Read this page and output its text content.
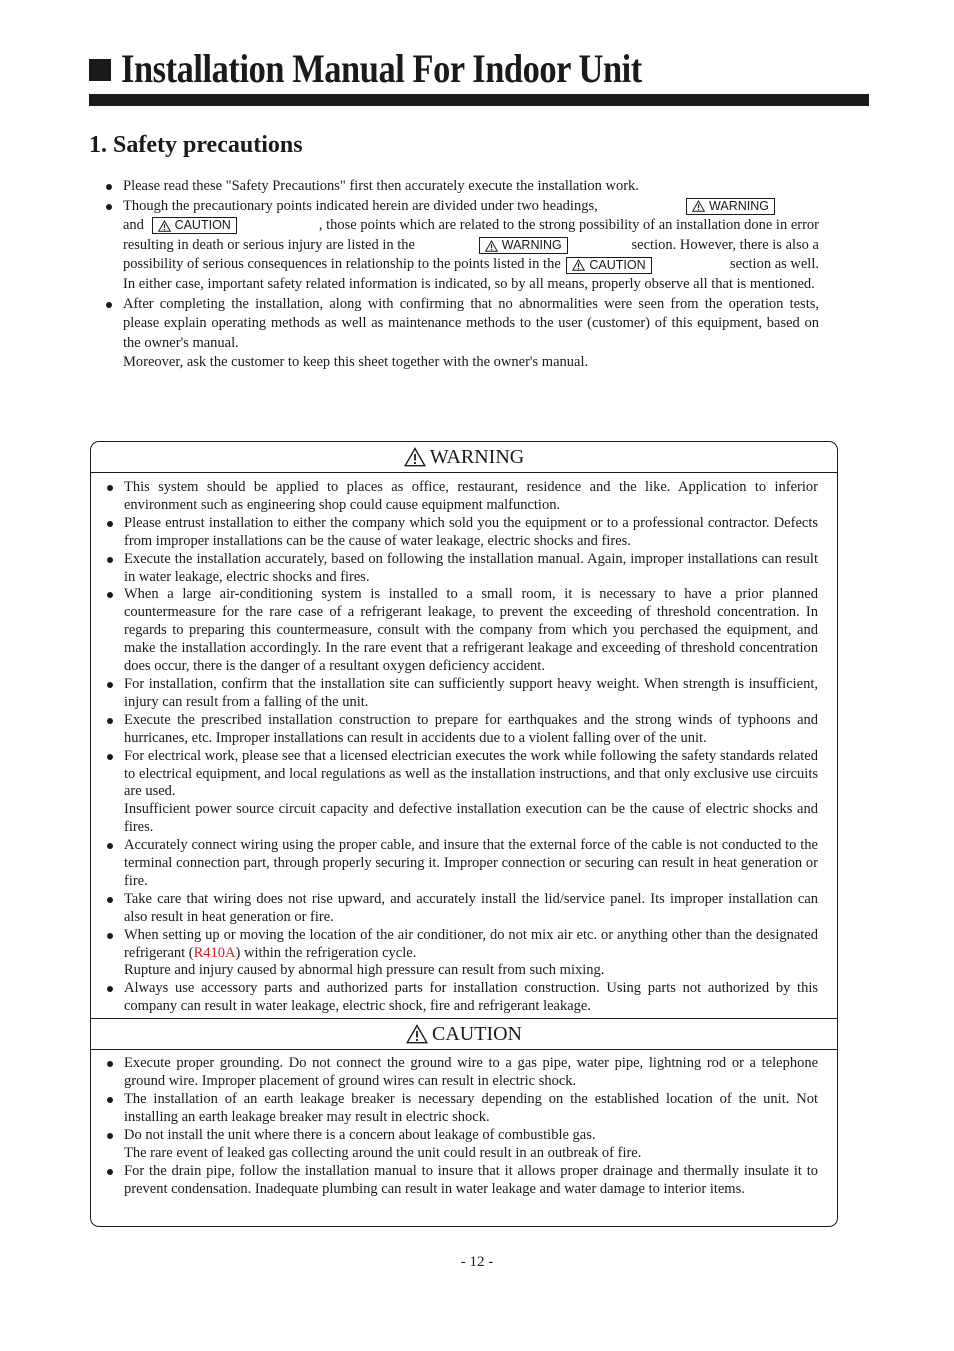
Installation Manual For Indoor Unit
1. Safety precautions
Please read these "Safety Precautions" first then accurately execute the installation work.
Though the precautionary points indicated herein are divided under two headings,	WARNING
and CAUTION	, those points which are related to the strong possibility of an installation done in error
resulting in death or serious injury are listed in the	WARNING	section. However, there is also a
possibility of serious consequences in relationship to the points listed in the CAUTION	section as well.
In either case, important safety related information is indicated, so by all means, properly observe all that is mentioned.
After completing the installation, along with confirming that no abnormalities were seen from the operation tests, please explain operating methods as well as maintenance methods to the user (customer) of this equipment, based on the owner's manual.
Moreover, ask the customer to keep this sheet together with the owner's manual.
WARNING
This system should be applied to places as office, restaurant, residence and the like. Application to inferior environment such as engineering shop could cause equipment malfunction.
Please entrust installation to either the company which sold you the equipment or to a professional contractor. Defects from improper installations can be the cause of water leakage, electric shocks and fires.
Execute the installation accurately, based on following the installation manual. Again, improper installations can result in water leakage, electric shocks and fires.
When a large air-conditioning system is installed to a small room, it is necessary to have a prior planned countermeasure for the rare case of a refrigerant leakage, to prevent the exceeding of threshold concentration. In regards to preparing this countermeasure, consult with the company from which you perchased the equipment, and make the installation accordingly. In the rare event that a refrigerant leakage and exceeding of threshold concentration does occur, there is the danger of a resultant oxygen deficiency accident.
For installation, confirm that the installation site can sufficiently support heavy weight. When strength is insufficient, injury can result from a falling of the unit.
Execute the prescribed installation construction to prepare for earthquakes and the strong winds of typhoons and hurricanes, etc. Improper installations can result in accidents due to a violent falling over of the unit.
For electrical work, please see that a licensed electrician executes the work while following the safety standards related to electrical equipment, and local regulations as well as the installation instructions, and that only exclusive use circuits are used.
Insufficient power source circuit capacity and defective installation execution can be the cause of electric shocks and fires.
Accurately connect wiring using the proper cable, and insure that the external force of the cable is not conducted to the terminal connection part, through properly securing it. Improper connection or securing can result in heat generation or fire.
Take care that wiring does not rise upward, and accurately install the lid/service panel. Its improper installation can also result in heat generation or fire.
When setting up or moving the location of the air conditioner, do not mix air etc. or anything other than the designated refrigerant (R410A) within the refrigeration cycle.
Rupture and injury caused by abnormal high pressure can result from such mixing.
Always use accessory parts and authorized parts for installation construction. Using parts not authorized by this company can result in water leakage, electric shock, fire and refrigerant leakage.
CAUTION
Execute proper grounding. Do not connect the ground wire to a gas pipe, water pipe, lightning rod or a telephone ground wire. Improper placement of ground wires can result in electric shock.
The installation of an earth leakage breaker is necessary depending on the established location of the unit. Not installing an earth leakage breaker may result in electric shock.
Do not install the unit where there is a concern about leakage of combustible gas.
The rare event of leaked gas collecting around the unit could result in an outbreak of fire.
For the drain pipe, follow the installation manual to insure that it allows proper drainage and thermally insulate it to prevent condensation. Inadequate plumbing can result in water leakage and water damage to interior items.
- 12 -
